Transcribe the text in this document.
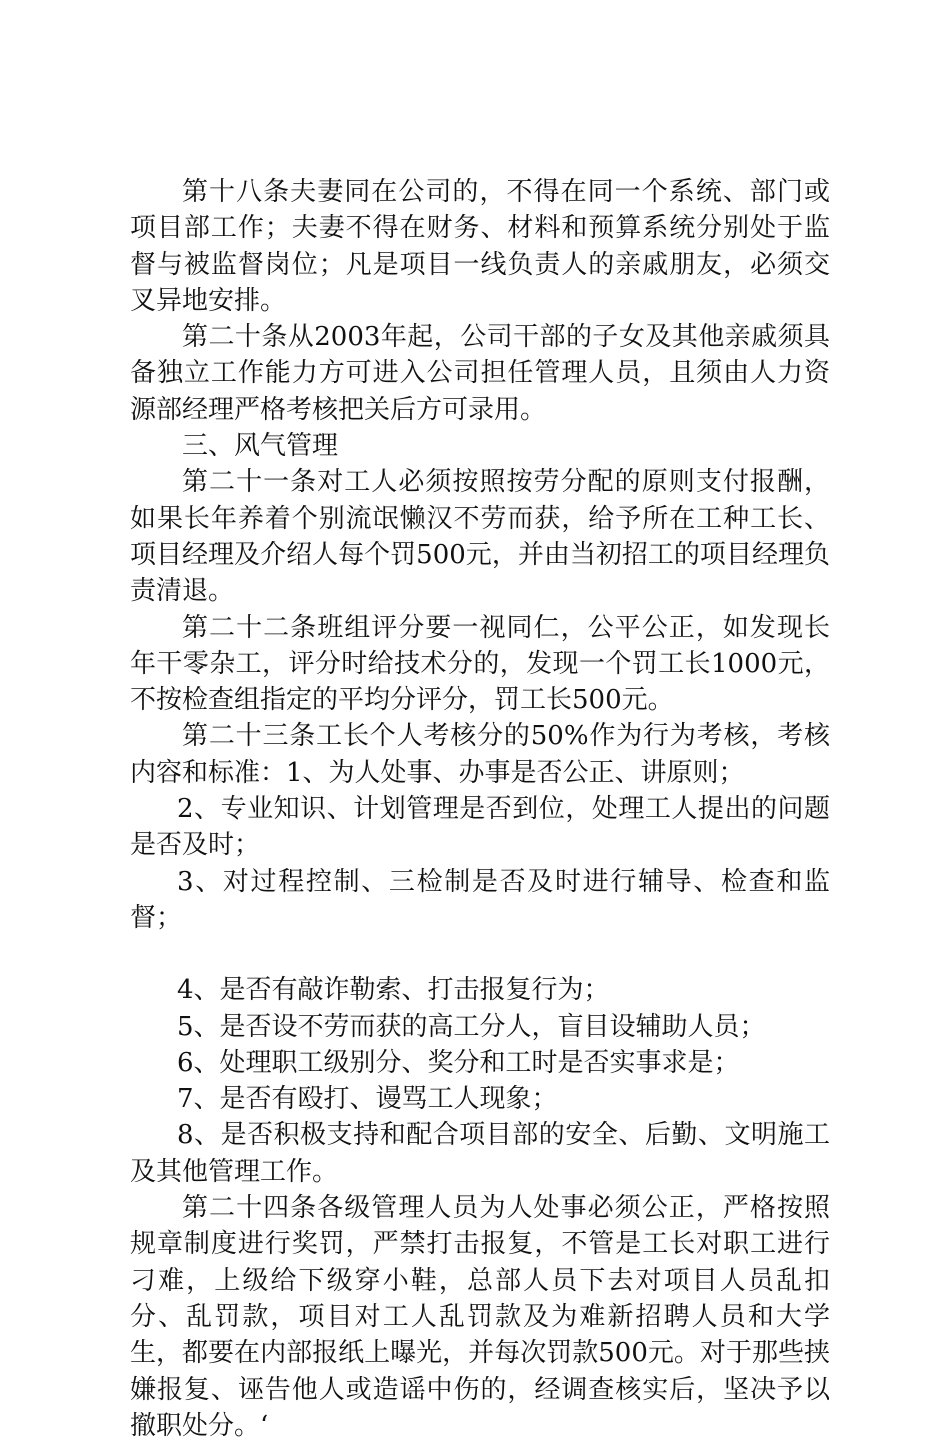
第十八条夫妻同在公司的，不得在同一个系统、部门或项目部工作；夫妻不得在财务、材料和预算系统分别处于监督与被监督岗位；凡是项目一线负责人的亲戚朋友，必须交叉异地安排。

第二十条从2003年起，公司干部的子女及其他亲戚须具备独立工作能力方可进入公司担任管理人员，且须由人力资源部经理严格考核把关后方可录用。

三、风气管理

第二十一条对工人必须按照按劳分配的原则支付报酬，如果长年养着个别流氓懒汉不劳而获，给予所在工种工长、项目经理及介绍人每个罚500元，并由当初招工的项目经理负责清退。

第二十二条班组评分要一视同仁，公平公正，如发现长年干零杂工，评分时给技术分的，发现一个罚工长1000元，不按检查组指定的平均分评分，罚工长500元。

第二十三条工长个人考核分的50%作为行为考核，考核内容和标准：1、为人处事、办事是否公正、讲原则；

2、专业知识、计划管理是否到位，处理工人提出的问题是否及时；

3、对过程控制、三检制是否及时进行辅导、检查和监督；

4、是否有敲诈勒索、打击报复行为；

5、是否设不劳而获的高工分人，盲目设辅助人员；

6、处理职工级别分、奖分和工时是否实事求是；

7、是否有殴打、谩骂工人现象；

8、是否积极支持和配合项目部的安全、后勤、文明施工及其他管理工作。

第二十四条各级管理人员为人处事必须公正，严格按照规章制度进行奖罚，严禁打击报复，不管是工长对职工进行刁难，上级给下级穿小鞋，总部人员下去对项目人员乱扣分、乱罚款，项目对工人乱罚款及为难新招聘人员和大学生，都要在内部报纸上曝光，并每次罚款500元。对于那些挟嫌报复、诬告他人或造谣中伤的，经调查核实后，坚决予以撤职处分。‘
